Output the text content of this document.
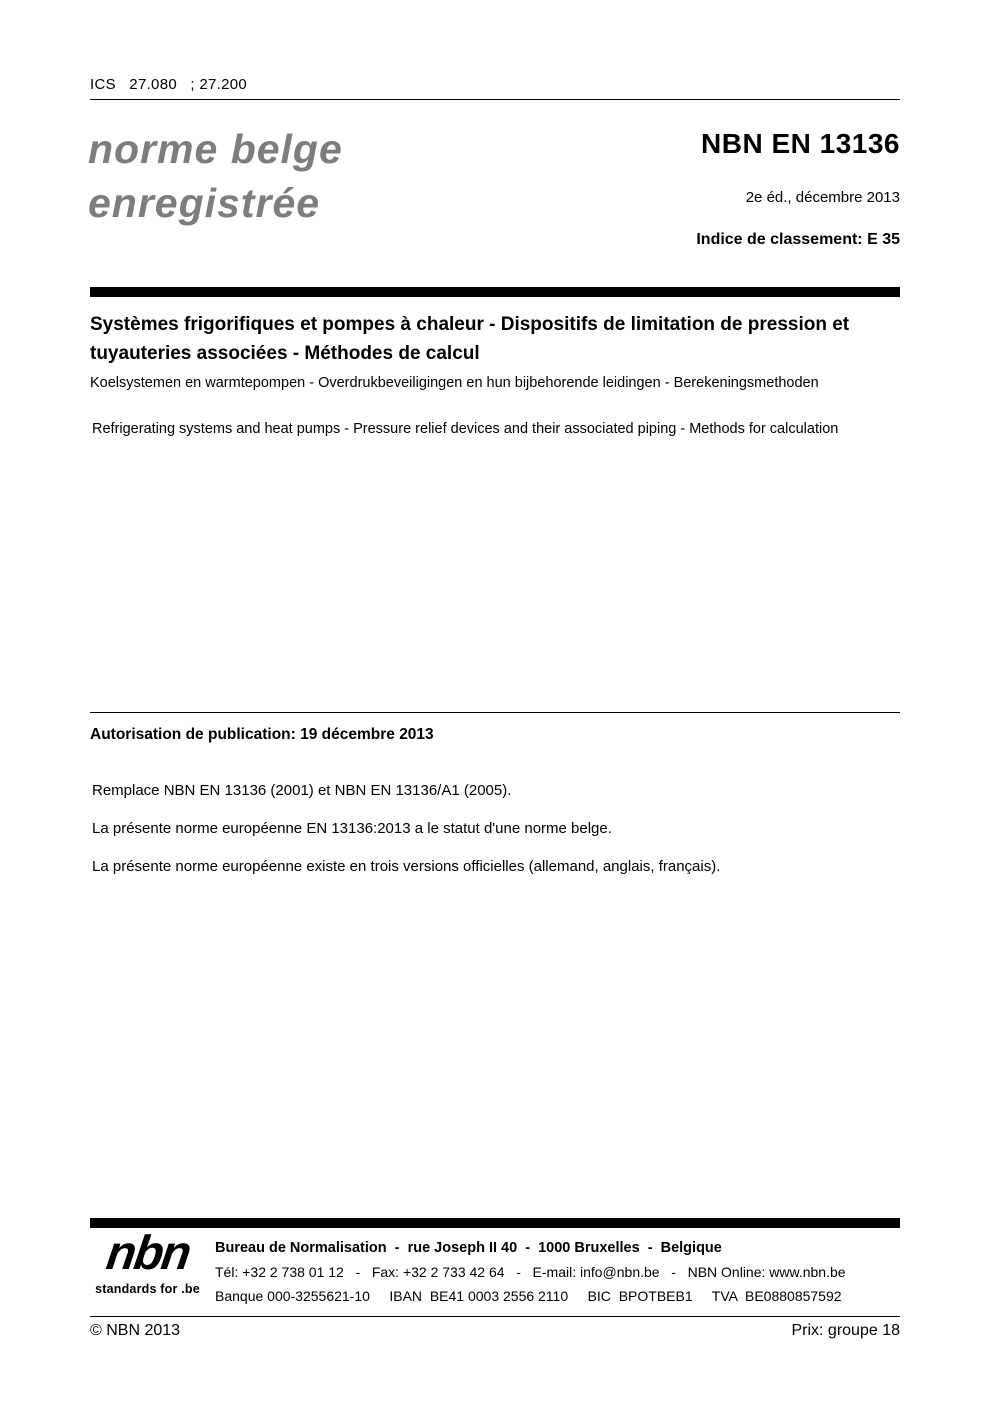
ICS   27.080   ; 27.200
norme belge
enregistrée
NBN EN 13136
2e éd., décembre 2013
Indice de classement: E 35
Systèmes frigorifiques et pompes à chaleur - Dispositifs de limitation de pression et tuyauteries associées - Méthodes de calcul
Koelsystemen en warmtepompen - Overdrukbeveiligingen en hun bijbehorende leidingen - Berekeningsmethoden
Refrigerating systems and heat pumps - Pressure relief devices and their associated piping - Methods for calculation
Autorisation de publication: 19 décembre 2013
Remplace NBN EN 13136 (2001) et NBN EN 13136/A1 (2005).
La présente norme européenne EN 13136:2013 a le statut d'une norme belge.
La présente norme européenne existe en trois versions officielles (allemand, anglais, français).
nbn
standards for .be
Bureau de Normalisation  -  rue Joseph II 40  -  1000 Bruxelles  -  Belgique
Tél: +32 2 738 01 12   -   Fax: +32 2 733 42 64   -   E-mail: info@nbn.be   -   NBN Online: www.nbn.be
Banque 000-3255621-10     IBAN  BE41 0003 2556 2110     BIC  BPOTBEB1     TVA  BE0880857592
© NBN 2013	Prix: groupe 18
